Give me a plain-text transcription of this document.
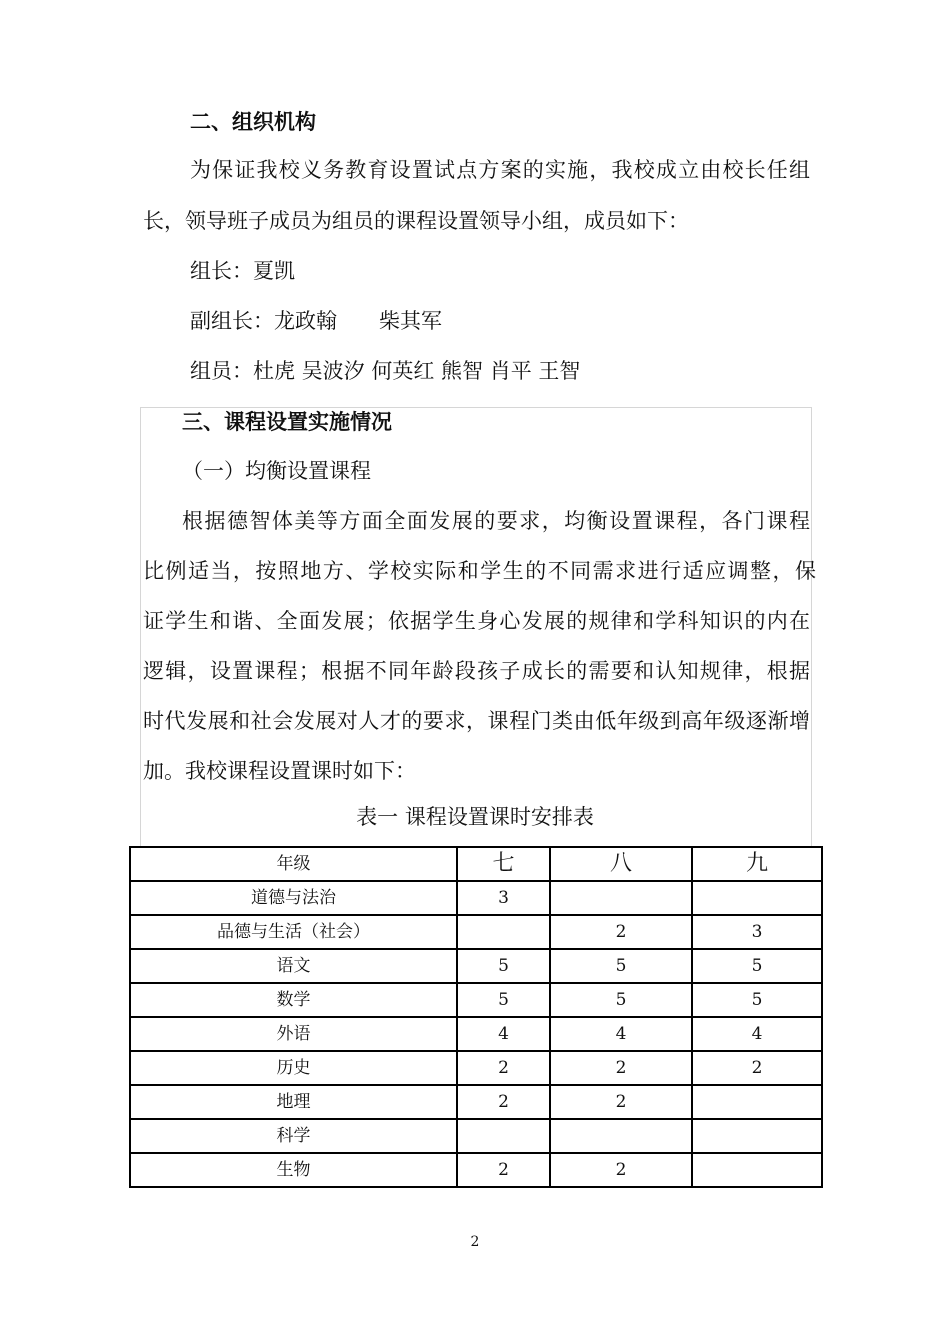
二、组织机构
为保证我校义务教育设置试点方案的实施，我校成立由校长任组
长，领导班子成员为组员的课程设置领导小组，成员如下：
组长：夏凯
副组长：龙政翰　　柴其军
组员：杜虎 吴波汐 何英红 熊智 肖平 王智
三、课程设置实施情况
（一）均衡设置课程
根据德智体美等方面全面发展的要求，均衡设置课程，各门课程
比例适当，按照地方、学校实际和学生的不同需求进行适应调整，保
证学生和谐、全面发展；依据学生身心发展的规律和学科知识的内在
逻辑，设置课程；根据不同年龄段孩子成长的需要和认知规律，根据
时代发展和社会发展对人才的要求，课程门类由低年级到高年级逐渐增
加。我校课程设置课时如下：
表一 课程设置课时安排表
年级	七	八	九
道德与法治	3		
品德与生活（社会）		2	3
语文	5	5	5
数学	5	5	5
外语	4	4	4
历史	2	2	2
地理	2	2	
科学			
生物	2	2	
2
